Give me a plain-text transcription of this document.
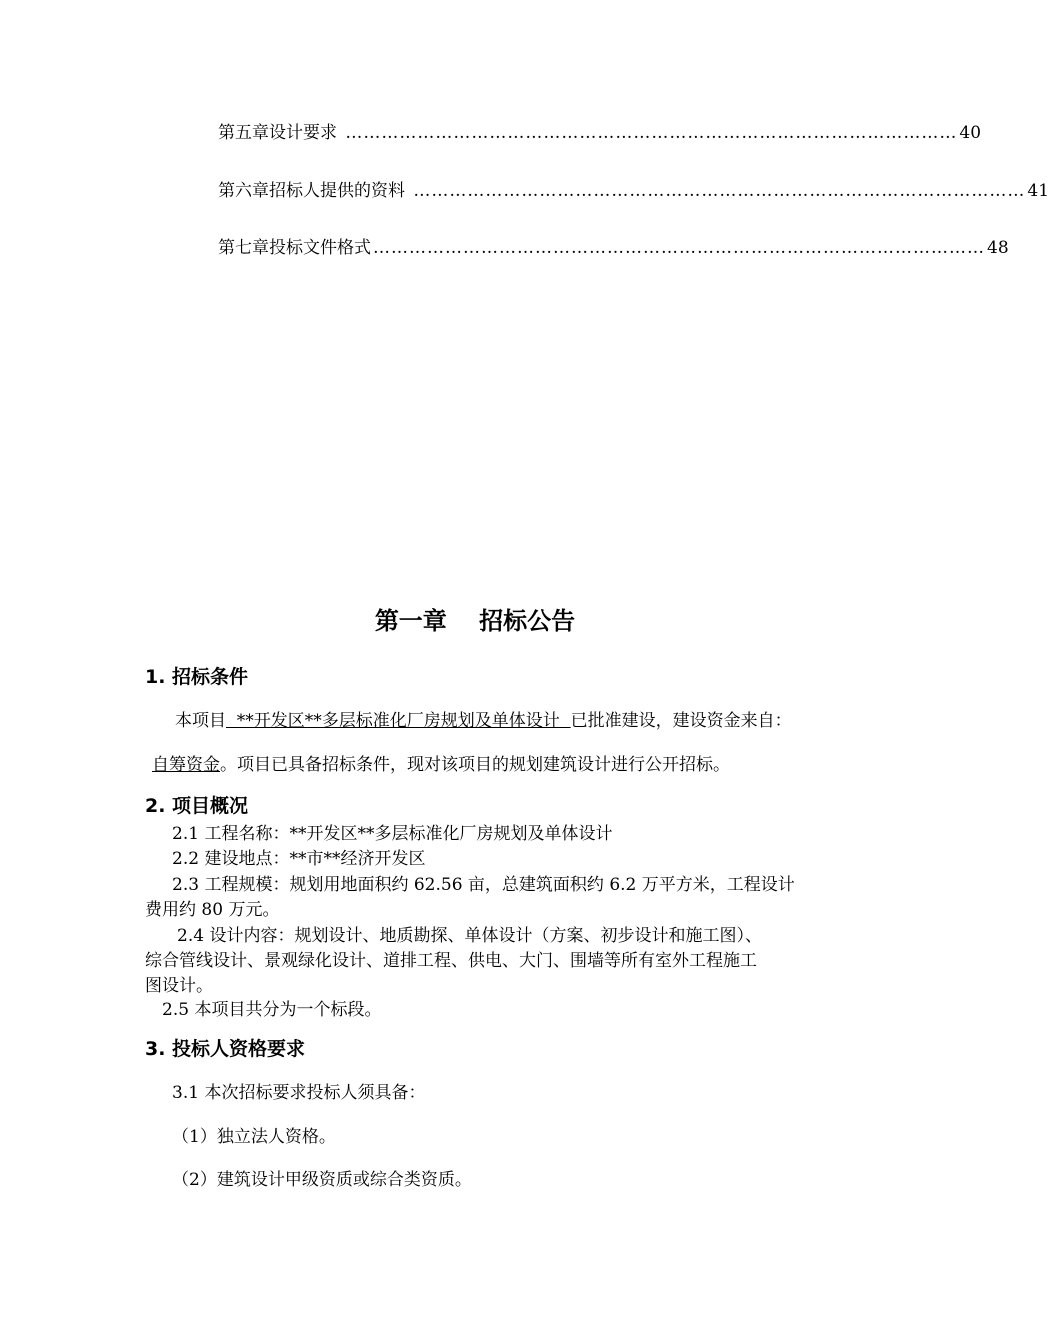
第五章 设计要求 ………………………………………………………………………………………… 40
第六章 招标人提供的资料 ………………………………………………………………………………………… 41
第七章 投标文件格式 ………………………………………………………………………………………… 48
第一章　 招标公告
1. 招标条件
本项目  **开发区**多层标准化厂房规划及单体设计  已批准建设，建设资金来自：
自筹资金。项目已具备招标条件，现对该项目的规划建筑设计进行公开招标。
2. 项目概况
2.1 工程名称：**开发区**多层标准化厂房规划及单体设计
2.2 建设地点：**市**经济开发区
2.3 工程规模：规划用地面积约 62.56 亩，总建筑面积约 6.2 万平方米，工程设计
费用约 80 万元。
2.4 设计内容：规划设计、地质勘探、单体设计（方案、初步设计和施工图）、
综合管线设计、景观绿化设计、道排工程、供电、大门、围墙等所有室外工程施工
图设计。
2.5 本项目共分为一个标段。
3. 投标人资格要求
3.1 本次招标要求投标人须具备：
（1）独立法人资格。
（2）建筑设计甲级资质或综合类资质。
